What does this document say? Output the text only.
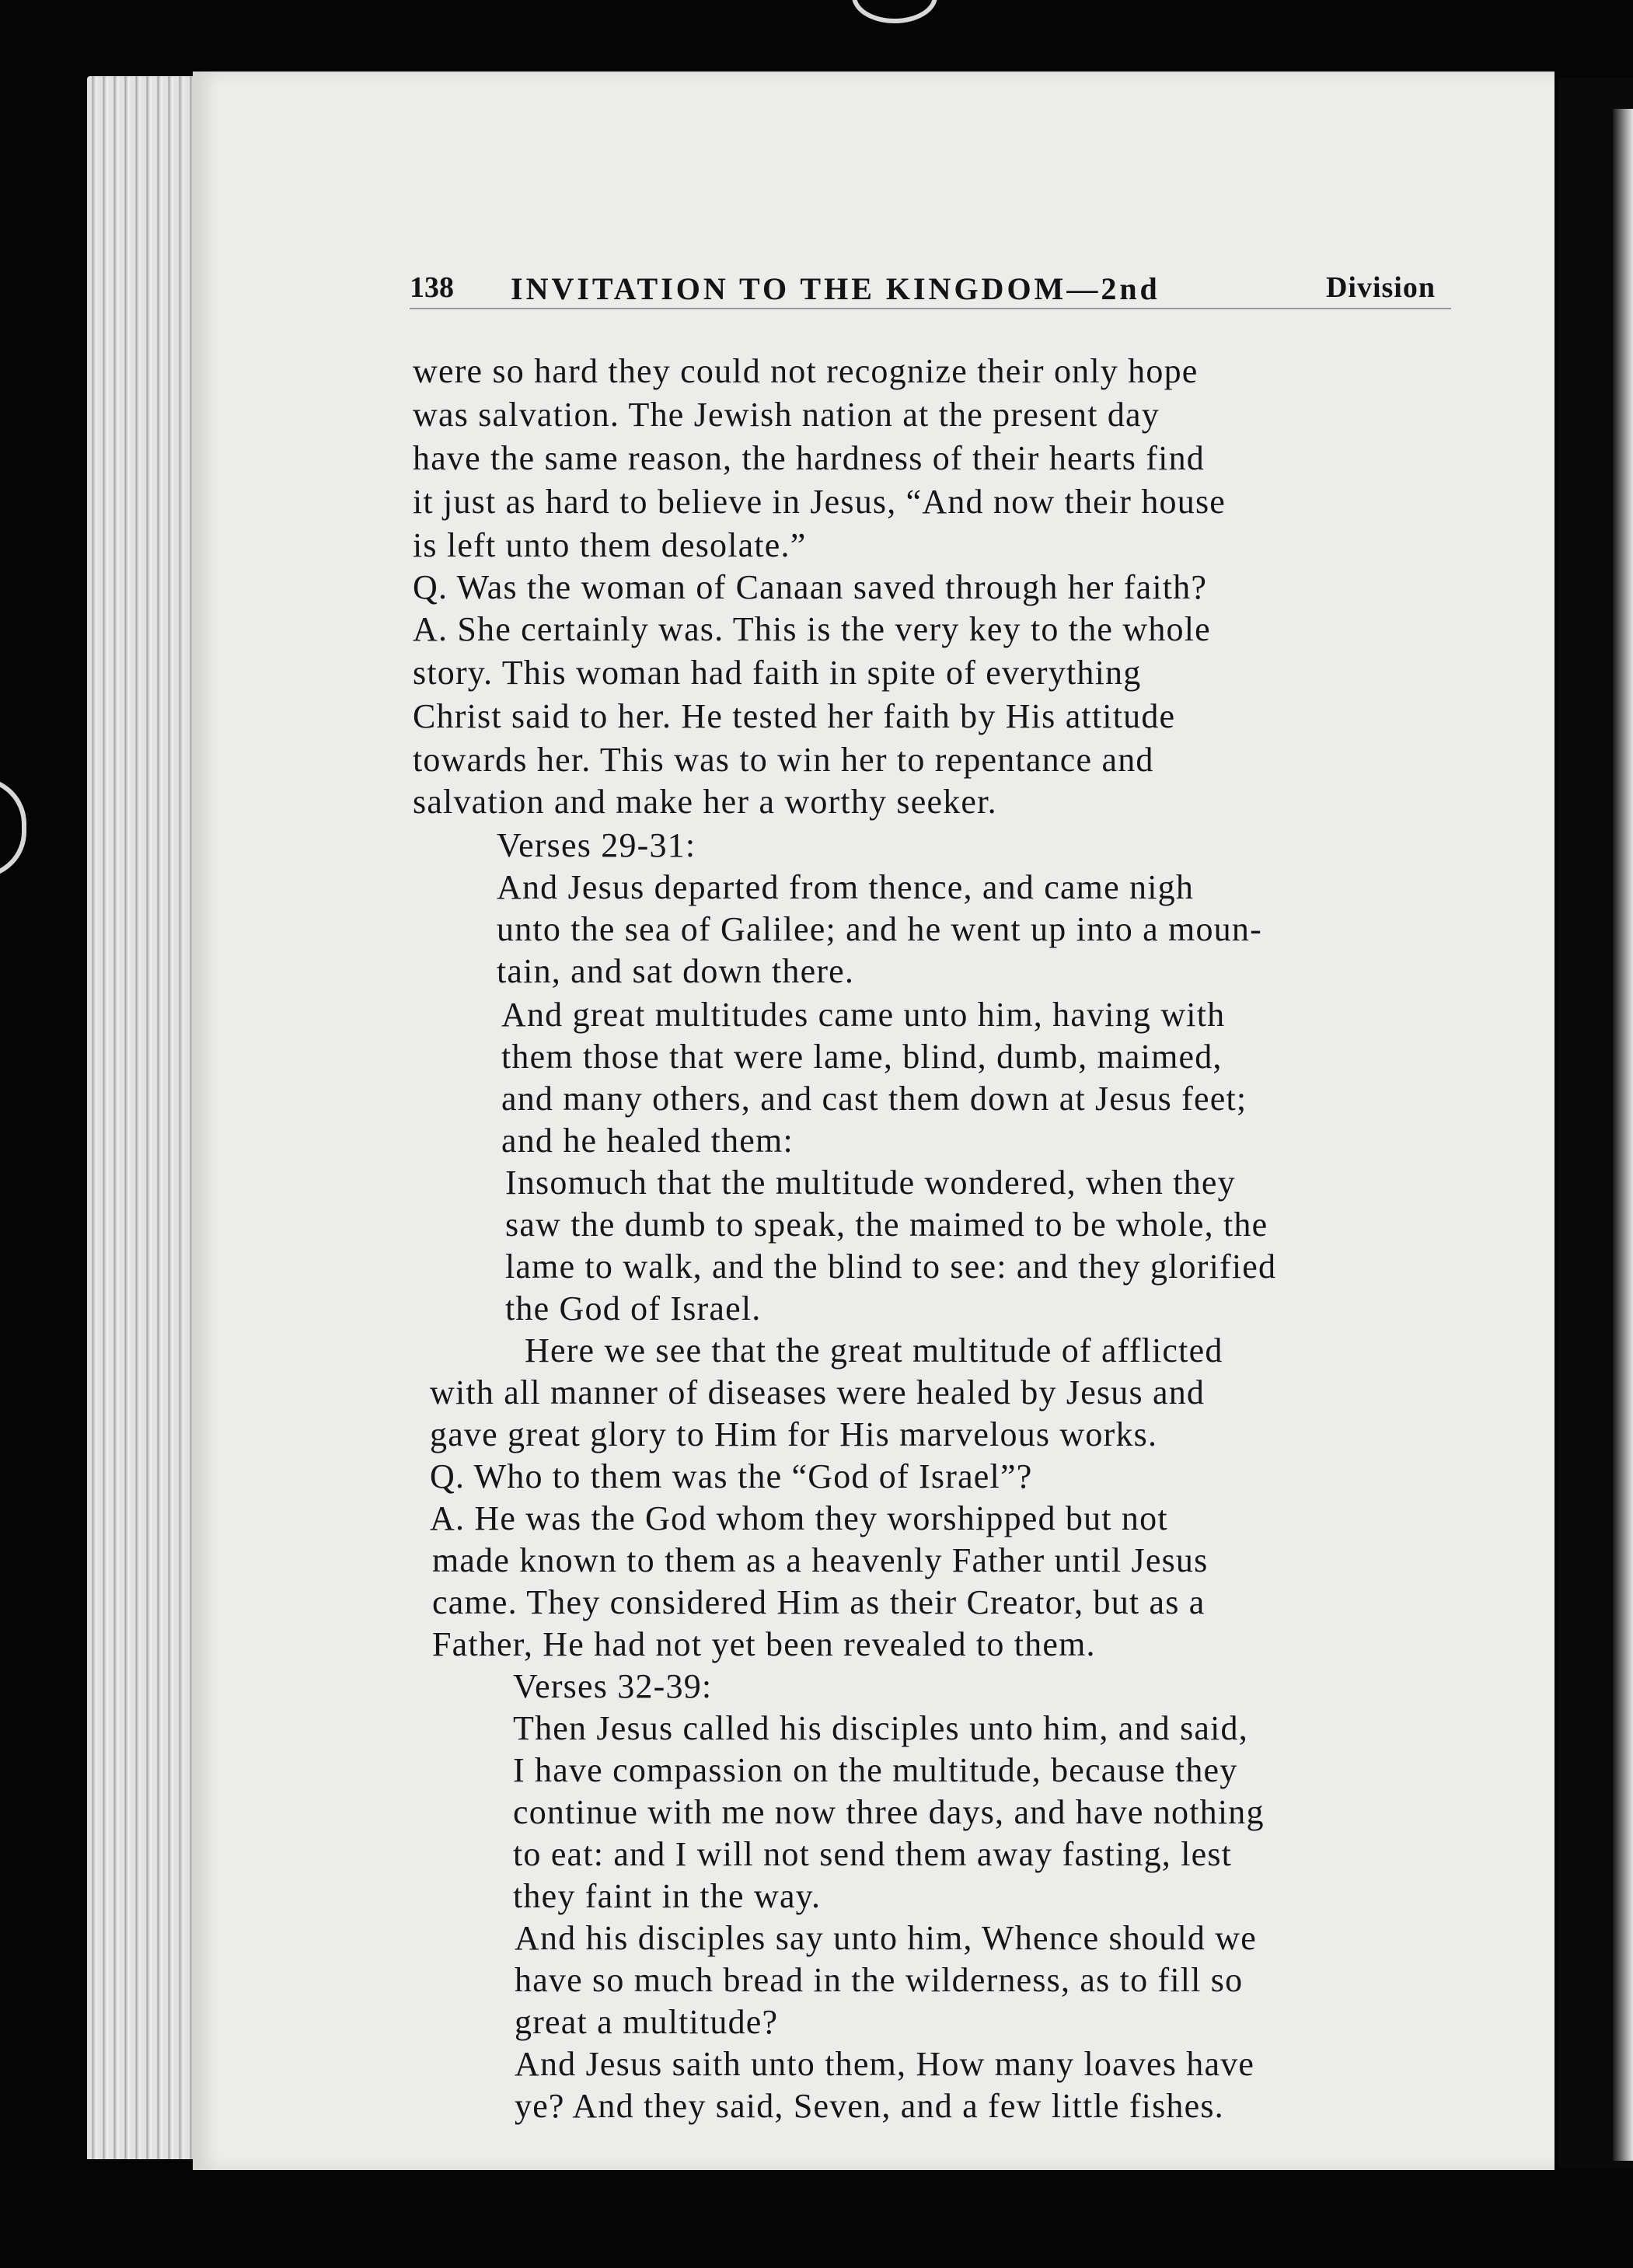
138 INVITATION TO THE KINGDOM—2nd	Division
were so hard they could not recognize their only hope
was salvation. The Jewish nation at the present day
have the same reason, the hardness of their hearts find
it just as hard to believe in Jesus, “And now their house
is left unto them desolate.”
Q. Was the woman of Canaan saved through her faith?
A. She certainly was. This is the very key to the whole
story. This woman had faith in spite of everything
Christ said to her. He tested her faith by His attitude
towards her. This was to win her to repentance and
salvation and make her a worthy seeker.
Verses 29-31:
And Jesus departed from thence, and came nigh
unto the sea of Galilee; and he went up into a moun-
tain, and sat down there.
And great multitudes came unto him, having with
them those that were lame, blind, dumb, maimed,
and many others, and cast them down at Jesus feet;
and he healed them:
Insomuch that the multitude wondered, when they
saw the dumb to speak, the maimed to be whole, the
lame to walk, and the blind to see: and they glorified
the God of Israel.
Here we see that the great multitude of afflicted
with all manner of diseases were healed by Jesus and
gave great glory to Him for His marvelous works.
Q. Who to them was the “God of Israel”?
A. He was the God whom they worshipped but not
made known to them as a heavenly Father until Jesus
came. They considered Him as their Creator, but as a
Father, He had not yet been revealed to them.
Verses 32-39:
Then Jesus called his disciples unto him, and said,
I have compassion on the multitude, because they
continue with me now three days, and have nothing
to eat: and I will not send them away fasting, lest
they faint in the way.
And his disciples say unto him, Whence should we
have so much bread in the wilderness, as to fill so
great a multitude?
And Jesus saith unto them, How many loaves have
ye? And they said, Seven, and a few little fishes.
